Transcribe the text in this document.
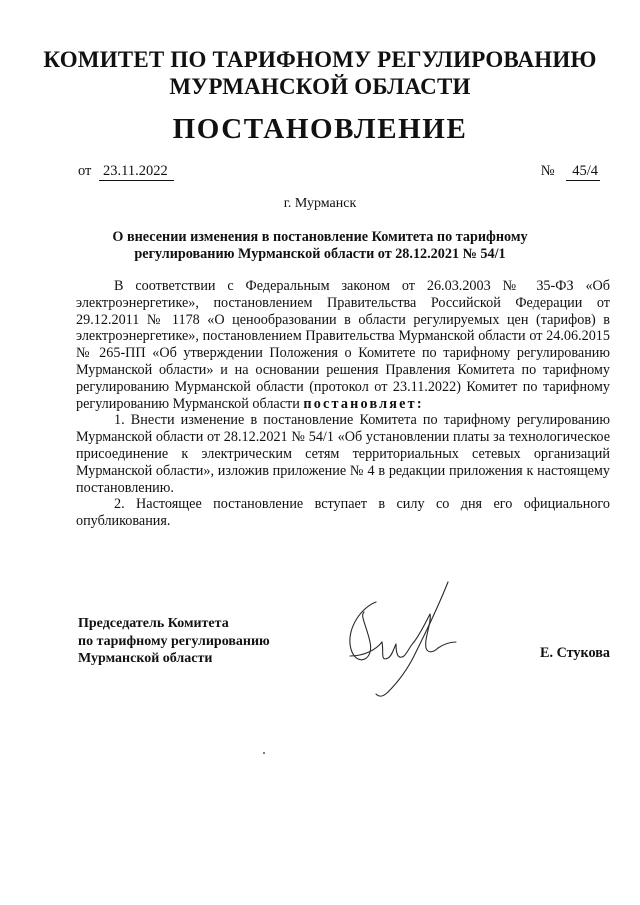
КОМИТЕТ ПО ТАРИФНОМУ РЕГУЛИРОВАНИЮ
МУРМАНСКОЙ ОБЛАСТИ
ПОСТАНОВЛЕНИЕ
от 23.11.2022	№ 45/4
г. Мурманск
О внесении изменения в постановление Комитета по тарифному
регулированию Мурманской области от 28.12.2021 № 54/1

В соответствии с Федеральным законом от 26.03.2003 № 35-ФЗ «Об электроэнергетике», постановлением Правительства Российской Федерации от 29.12.2011 № 1178 «О ценообразовании в области регулируемых цен (тарифов) в электроэнергетике», постановлением Правительства Мурманской области от 24.06.2015 № 265-ПП «Об утверждении Положения о Комитете по тарифному регулированию Мурманской области» и на основании решения Правления Комитета по тарифному регулированию Мурманской области (протокол от 23.11.2022) Комитет по тарифному регулированию Мурманской области постановляет:

1. Внести изменение в постановление Комитета по тарифному регулированию Мурманской области от 28.12.2021 № 54/1 «Об установлении платы за технологическое присоединение к электрическим сетям территориальных сетевых организаций Мурманской области», изложив приложение № 4 в редакции приложения к настоящему постановлению.

2. Настоящее постановление вступает в силу со дня его официального опубликования.

Председатель Комитета
по тарифному регулированию
Мурманской области	Е. Стукова
